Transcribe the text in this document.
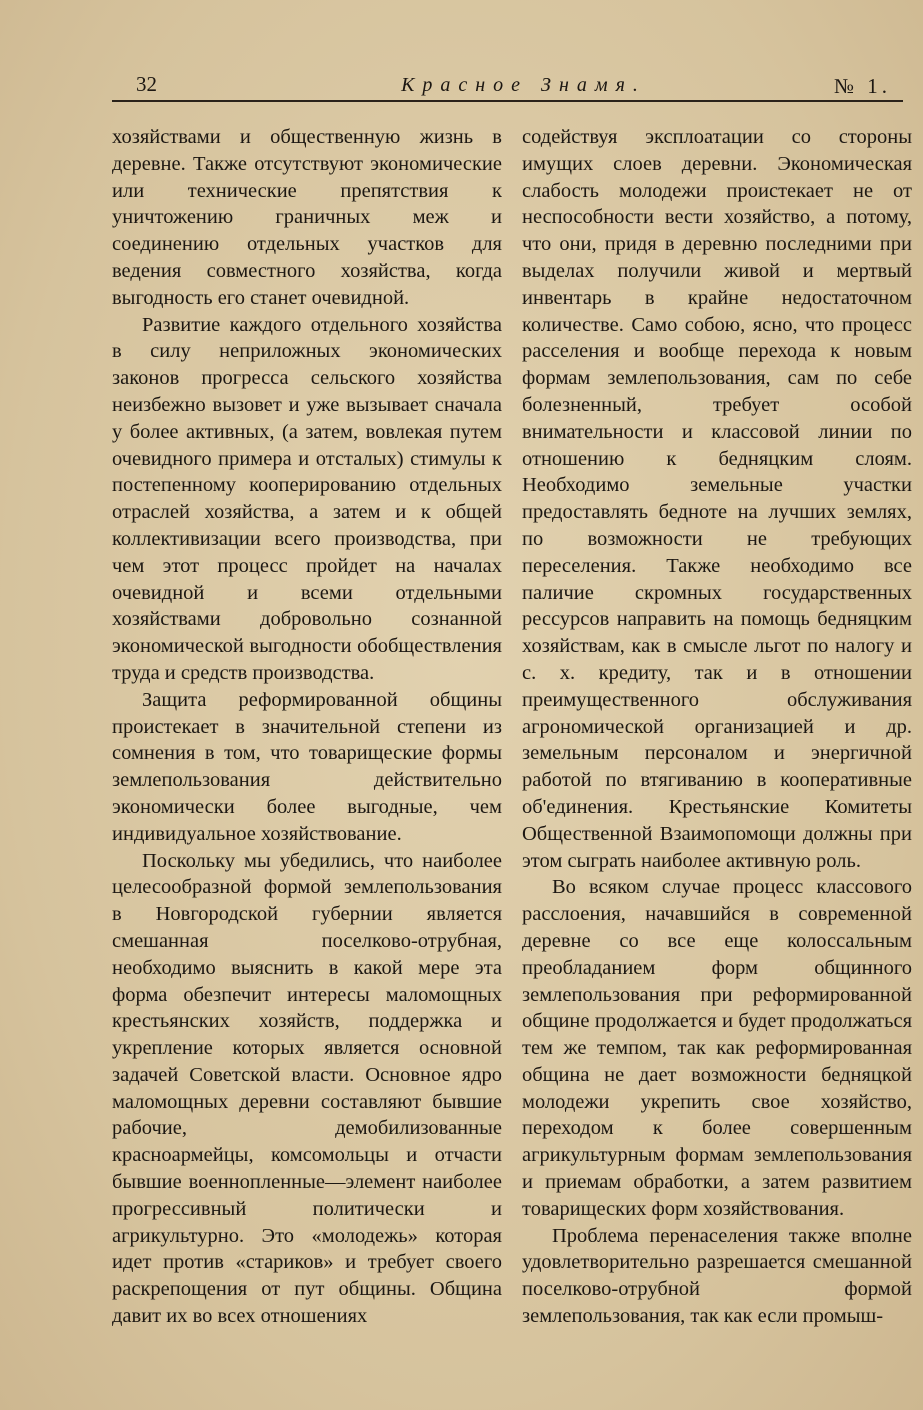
32	Красное Знамя.	№ 1.

хозяйствами и общественную жизнь в деревне. Также отсутствуют экономические или технические препятствия к уничтожению граничных меж и соединению отдельных участков для ведения совместного хозяйства, когда выгодность его станет очевидной.

Развитие каждого отдельного хозяйства в силу неприложных экономических законов прогресса сельского хозяйства неизбежно вызовет и уже вызывает сначала у более активных, (а затем, вовлекая путем очевидного примера и отсталых) стимулы к постепенному кооперированию отдельных отраслей хозяйства, а затем и к общей коллективизации всего производства, при чем этот процесс пройдет на началах очевидной и всеми отдельными хозяйствами добровольно сознанной экономической выгодности обобществления труда и средств производства.

Защита реформированной общины проистекает в значительной степени из сомнения в том, что товарищеские формы землепользования действительно экономически более выгодные, чем индивидуальное хозяйствование.

Поскольку мы убедились, что наиболее целесообразной формой землепользования в Новгородской губернии является смешанная поселково-отрубная, необходимо выяснить в какой мере эта форма обезпечит интересы маломощных крестьянских хозяйств, поддержка и укрепление которых является основной задачей Советской власти. Основное ядро маломощных деревни составляют бывшие рабочие, демобилизованные красноармейцы, комсомольцы и отчасти бывшие военнопленные—элемент наиболее прогрессивный политически и агрикультурно. Это «молодежь» которая идет против «стариков» и требует своего раскрепощения от пут общины. Община давит их во всех отношениях

содействуя эксплоатации со стороны имущих слоев деревни. Экономическая слабость молодежи проистекает не от неспособности вести хозяйство, а потому, что они, придя в деревню последними при выделах получили живой и мертвый инвентарь в крайне недостаточном количестве. Само собою, ясно, что процесс расселения и вообще перехода к новым формам землепользования, сам по себе болезненный, требует особой внимательности и классовой линии по отношению к бедняцким слоям. Необходимо земельные участки предоставлять бедноте на лучших землях, по возможности не требующих переселения. Также необходимо все паличие скромных государственных рессурсов направить на помощь бедняцким хозяйствам, как в смысле льгот по налогу и с. х. кредиту, так и в отношении преимущественного обслуживания агрономической организацией и др. земельным персоналом и энергичной работой по втягиванию в кооперативные об'единения. Крестьянские Комитеты Общественной Взаимопомощи должны при этом сыграть наиболее активную роль.

Во всяком случае процесс классового расслоения, начавшийся в современной деревне со все еще колоссальным преобладанием форм общинного землепользования при реформированной общине продолжается и будет продолжаться тем же темпом, так как реформированная община не дает возможности бедняцкой молодежи укрепить свое хозяйство, переходом к более совершенным агрикультурным формам землепользования и приемам обработки, а затем развитием товарищеских форм хозяйствования.

Проблема перенаселения также вполне удовлетворительно разрешается смешанной поселково-отрубной формой землепользования, так как если промыш-
